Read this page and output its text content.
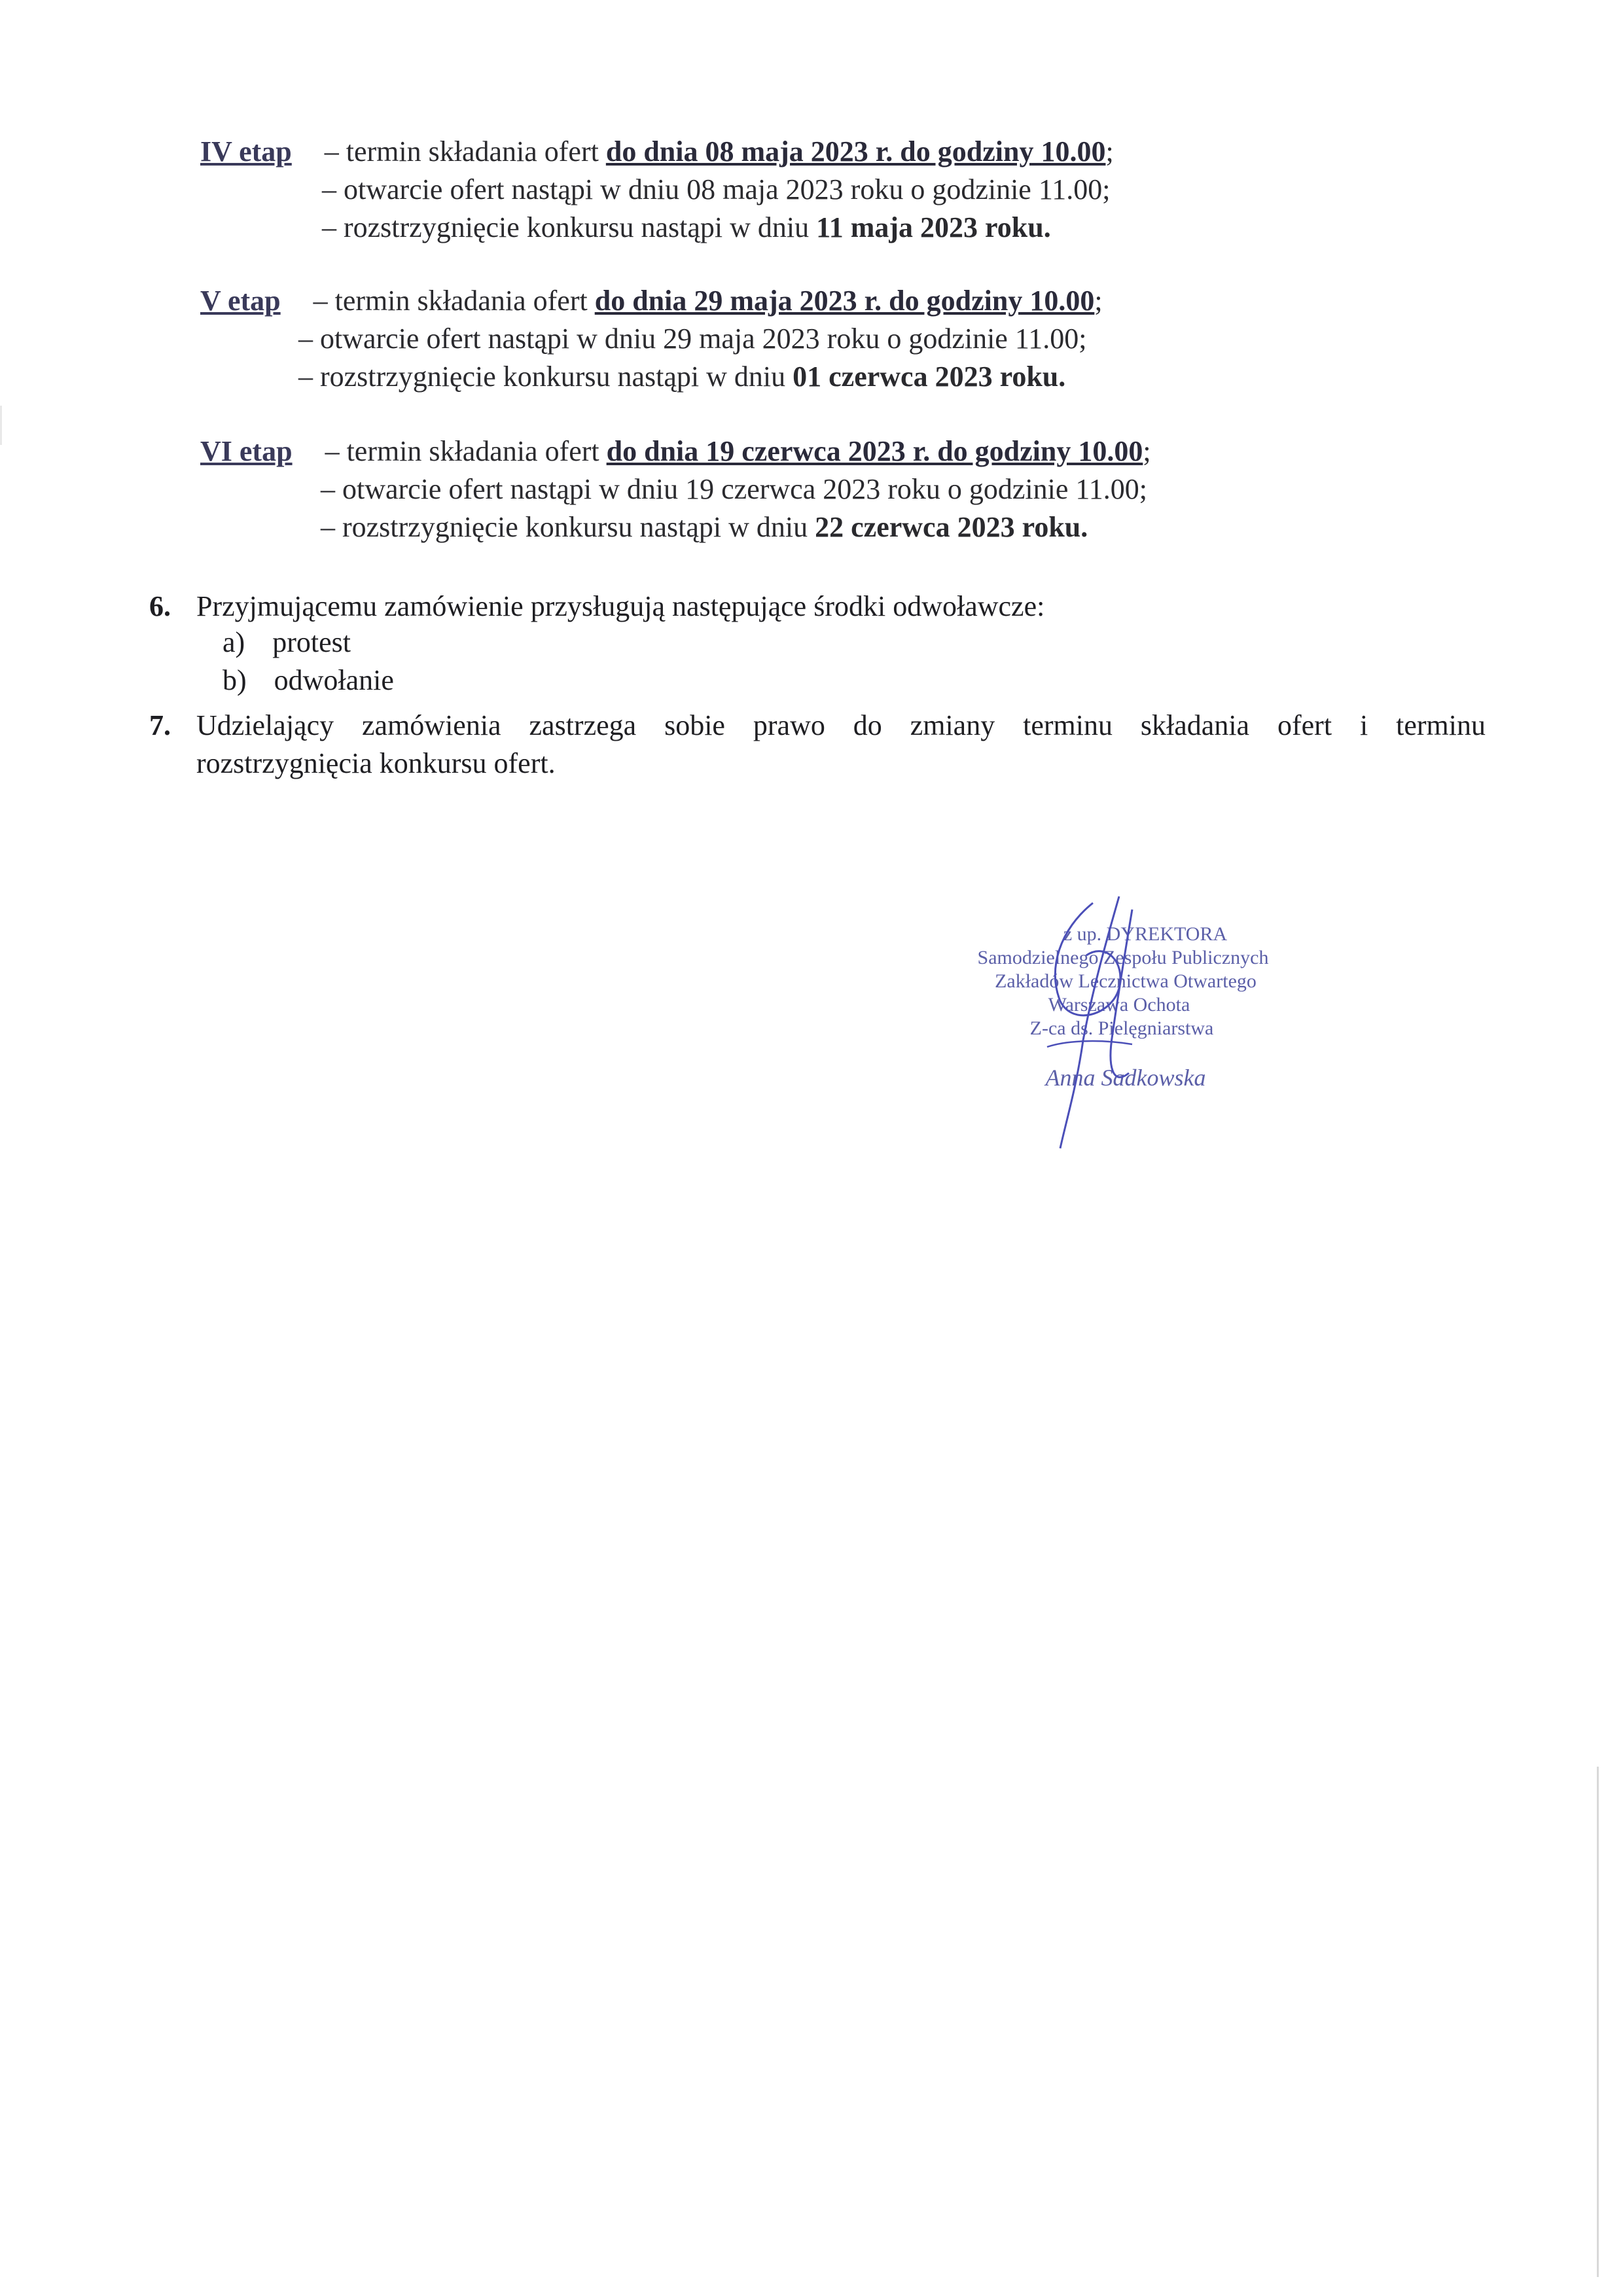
IV etap – termin składania ofert do dnia 08 maja 2023 r. do godziny 10.00;
– otwarcie ofert nastąpi w dniu 08 maja 2023 roku o godzinie 11.00;
– rozstrzygnięcie konkursu nastąpi w dniu 11 maja 2023 roku.
V etap – termin składania ofert do dnia 29 maja 2023 r. do godziny 10.00;
– otwarcie ofert nastąpi w dniu 29 maja 2023 roku o godzinie 11.00;
– rozstrzygnięcie konkursu nastąpi w dniu 01 czerwca 2023 roku.
VI etap – termin składania ofert do dnia 19 czerwca 2023 r. do godziny 10.00;
– otwarcie ofert nastąpi w dniu 19 czerwca 2023 roku o godzinie 11.00;
– rozstrzygnięcie konkursu nastąpi w dniu 22 czerwca 2023 roku.
6. Przyjmującemu zamówienie przysługują następujące środki odwoławcze:
a) protest
b) odwołanie
7. Udzielający zamówienia zastrzega sobie prawo do zmiany terminu składania ofert i terminu
rozstrzygnięcia konkursu ofert.
z up. DYREKTORA
Samodzielnego Zespołu Publicznych
Zakładów Lecznictwa Otwartego
Warszawa Ochota
Z-ca ds. Pielęgniarstwa
Anna Sadkowska
